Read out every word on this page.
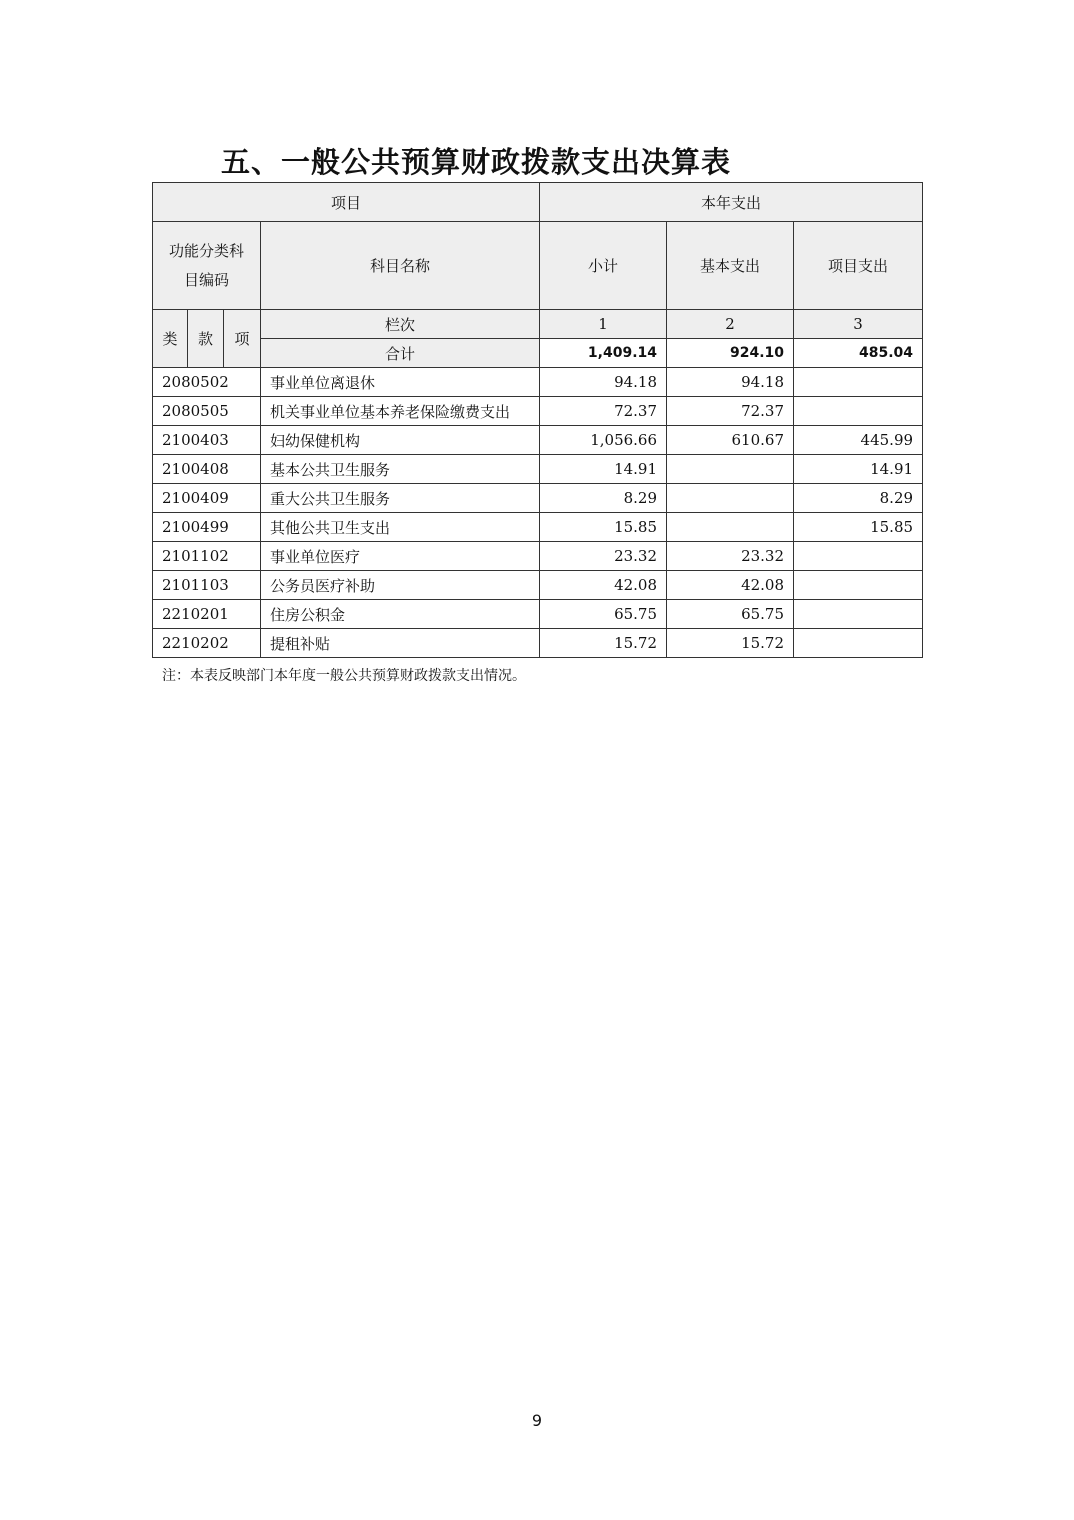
五、一般公共预算财政拨款支出决算表
项目				本年支出		
功能分类科目编码			科目名称	小计	基本支出	项目支出
类	款	项	栏次	1	2	3
			合计	1,409.14	924.10	485.04
2080502			事业单位离退休	94.18	94.18	
2080505			机关事业单位基本养老保险缴费支出	72.37	72.37	
2100403			妇幼保健机构	1,056.66	610.67	445.99
2100408			基本公共卫生服务	14.91		14.91
2100409			重大公共卫生服务	8.29		8.29
2100499			其他公共卫生支出	15.85		15.85
2101102			事业单位医疗	23.32	23.32	
2101103			公务员医疗补助	42.08	42.08	
2210201			住房公积金	65.75	65.75	
2210202			提租补贴	15.72	15.72	
注：本表反映部门本年度一般公共预算财政拨款支出情况。
9
